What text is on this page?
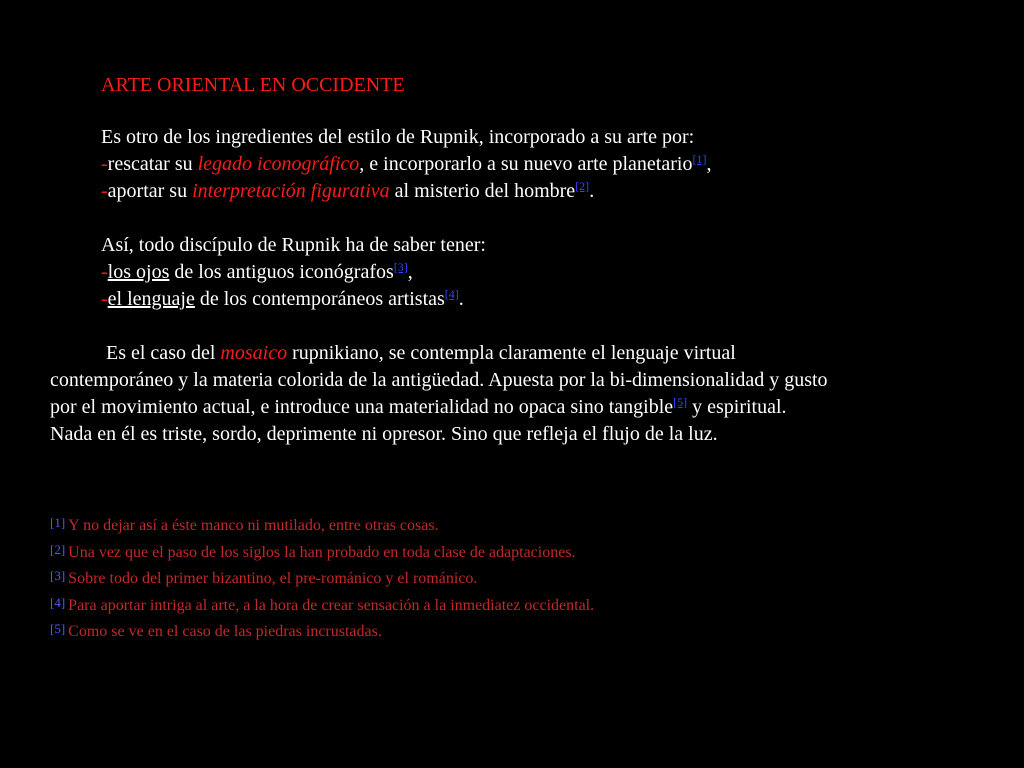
ARTE ORIENTAL EN OCCIDENTE
Es otro de los ingredientes del estilo de Rupnik, incorporado a su arte por:
-rescatar su legado iconográfico, e incorporarlo a su nuevo arte planetario[1],
-aportar su interpretación figurativa al misterio del hombre[2].
Así, todo discípulo de Rupnik ha de saber tener:
-los ojos de los antiguos iconógrafos[3],
-el lenguaje de los contemporáneos artistas[4].
Es el caso del mosaico rupnikiano, se contempla claramente el lenguaje virtual
contemporáneo y la materia colorida de la antigüedad. Apuesta por la bi-dimensionalidad y gusto
por el movimiento actual, e introduce una materialidad no opaca sino tangible[5] y espiritual.
Nada en él es triste, sordo, deprimente ni opresor. Sino que refleja el flujo de la luz.
[1] Y no dejar así a éste manco ni mutilado, entre otras cosas.
[2] Una vez que el paso de los siglos la han probado en toda clase de adaptaciones.
[3] Sobre todo del primer bizantino, el pre-románico y el románico.
[4] Para aportar intriga al arte, a la hora de crear sensación a la inmediatez occidental.
[5] Como se ve en el caso de las piedras incrustadas.
